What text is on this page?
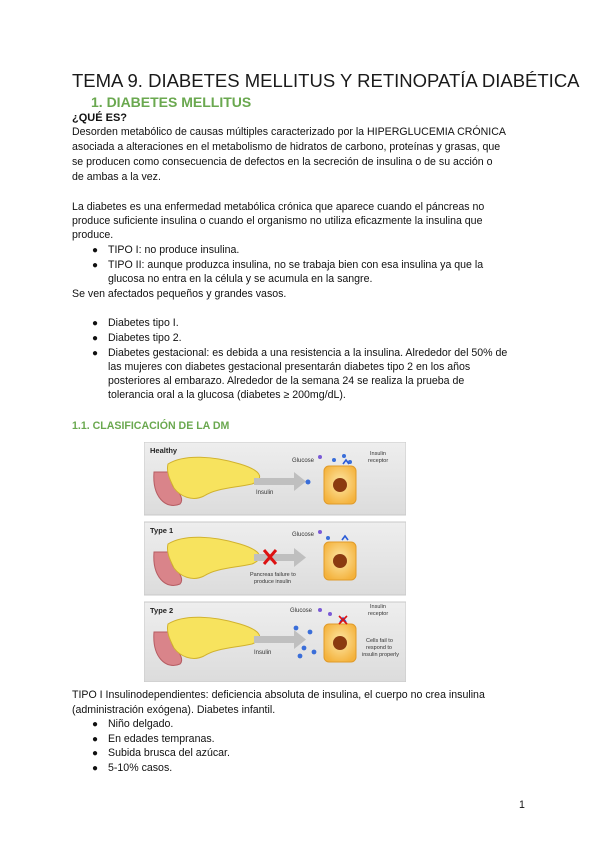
TEMA 9. DIABETES MELLITUS Y RETINOPATÍA DIABÉTICA
1. DIABETES MELLITUS
¿QUÉ ES?
Desorden metabólico de causas múltiples caracterizado por la HIPERGLUCEMIA CRÓNICA
asociada a alteraciones en el metabolismo de hidratos de carbono, proteínas y grasas, que
se producen como consecuencia de defectos en la secreción de insulina o de su acción o
de ambas a la vez.
La diabetes es una enfermedad metabólica crónica que aparece cuando el páncreas no
produce suficiente insulina o cuando el organismo no utiliza eficazmente la insulina que
produce.
● TIPO I: no produce insulina.
● TIPO II: aunque produzca insulina, no se trabaja bien con esa insulina ya que la
glucosa no entra en la célula y se acumula en la sangre.
Se ven afectados pequeños y grandes vasos.
● Diabetes tipo I.
● Diabetes tipo 2.
● Diabetes gestacional: es debida a una resistencia a la insulina. Alrededor del 50% de
las mujeres con diabetes gestacional presentarán diabetes tipo 2 en los años
posteriores al embarazo. Alrededor de la semana 24 se realiza la prueba de
tolerancia oral a la glucosa (diabetes ≥ 200mg/dL).
1.1. CLASIFICACIÓN DE LA DM
Healthy
Glucose
Insulin
Insulin
receptor
Type 1	Glucose
Pancreas failure to
produce insulin
Type 2	Glucose
Insulin
Insulin
receptor
Cells fail to
respond to
insulin properly
TIPO I Insulinodependientes: deficiencia absoluta de insulina, el cuerpo no crea insulina
(administración exógena). Diabetes infantil.
● Niño delgado.
● En edades tempranas.
● Subida brusca del azúcar.
● 5-10% casos.
1
